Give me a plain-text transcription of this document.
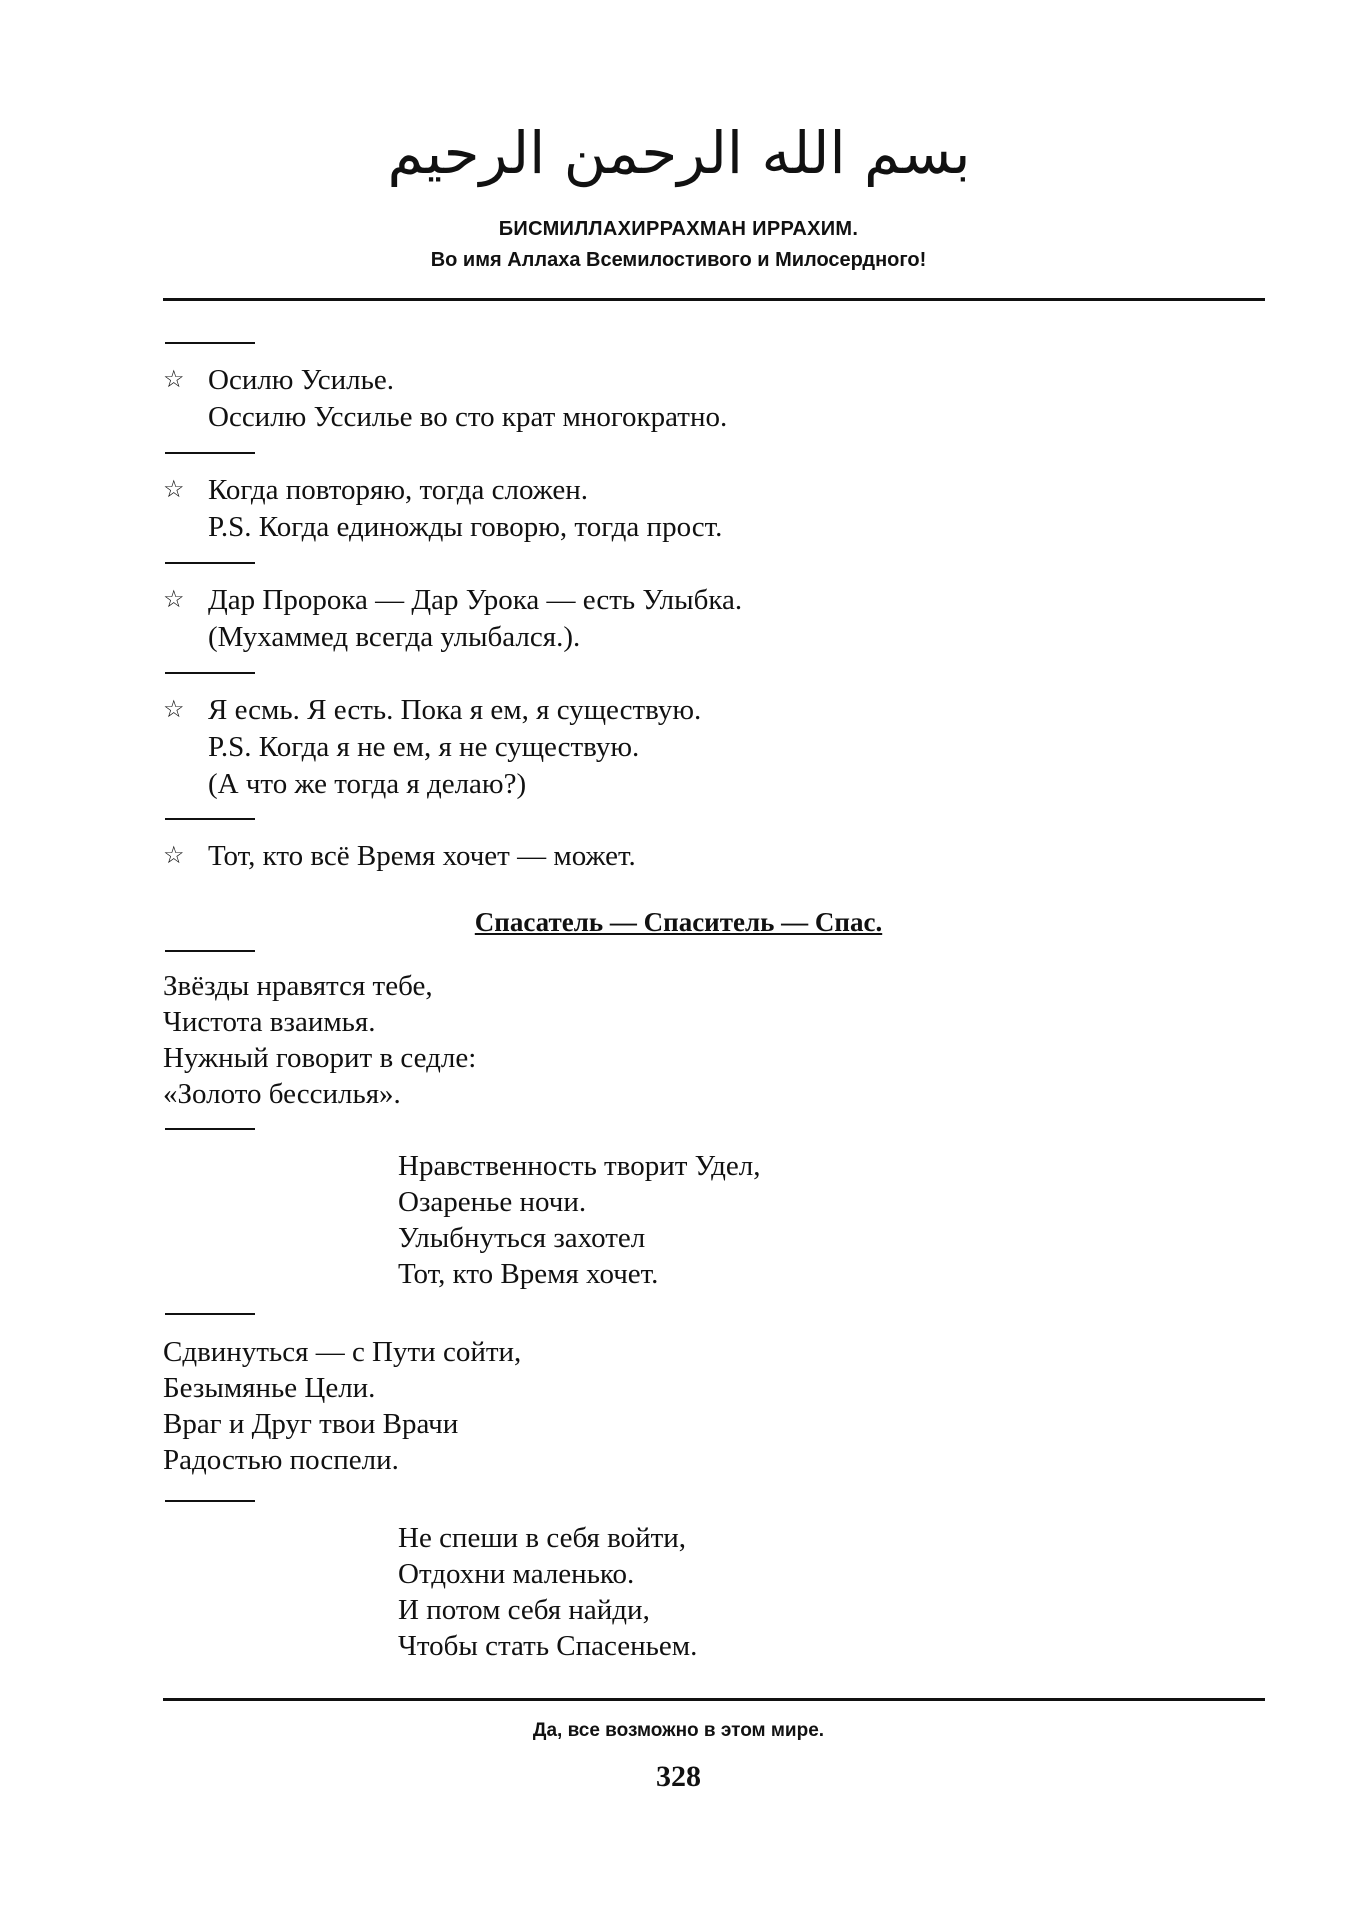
بسم الله الرحمن الرحيم
БИСМИЛЛАХИРРАХМАН ИРРАХИМ.
Во имя Аллаха Всемилостивого и Милосердного!
☆ Осилю Усилье.
Оссилю Уссилье во сто крат многократно.
☆ Когда повторяю, тогда сложен.
P.S. Когда единожды говорю, тогда прост.
☆ Дар Пророка — Дар Урока — есть Улыбка.
(Мухаммед всегда улыбался.).
☆ Я есмь. Я есть. Пока я ем, я существую.
P.S. Когда я не ем, я не существую.
(А что же тогда я делаю?)
☆ Тот, кто всё Время хочет — может.
Спасатель — Спаситель — Спас.
Звёзды нравятся тебе,
Чистота взаимья.
Нужный говорит в седле:
«Золото бессилья».
Нравственность творит Удел,
Озаренье ночи.
Улыбнуться захотел
Тот, кто Время хочет.
Сдвинуться — с Пути сойти,
Безымянье Цели.
Враг и Друг твои Врачи
Радостью поспели.
Не спеши в себя войти,
Отдохни маленько.
И потом себя найди,
Чтобы стать Спасеньем.
Да, все возможно в этом мире.
328
